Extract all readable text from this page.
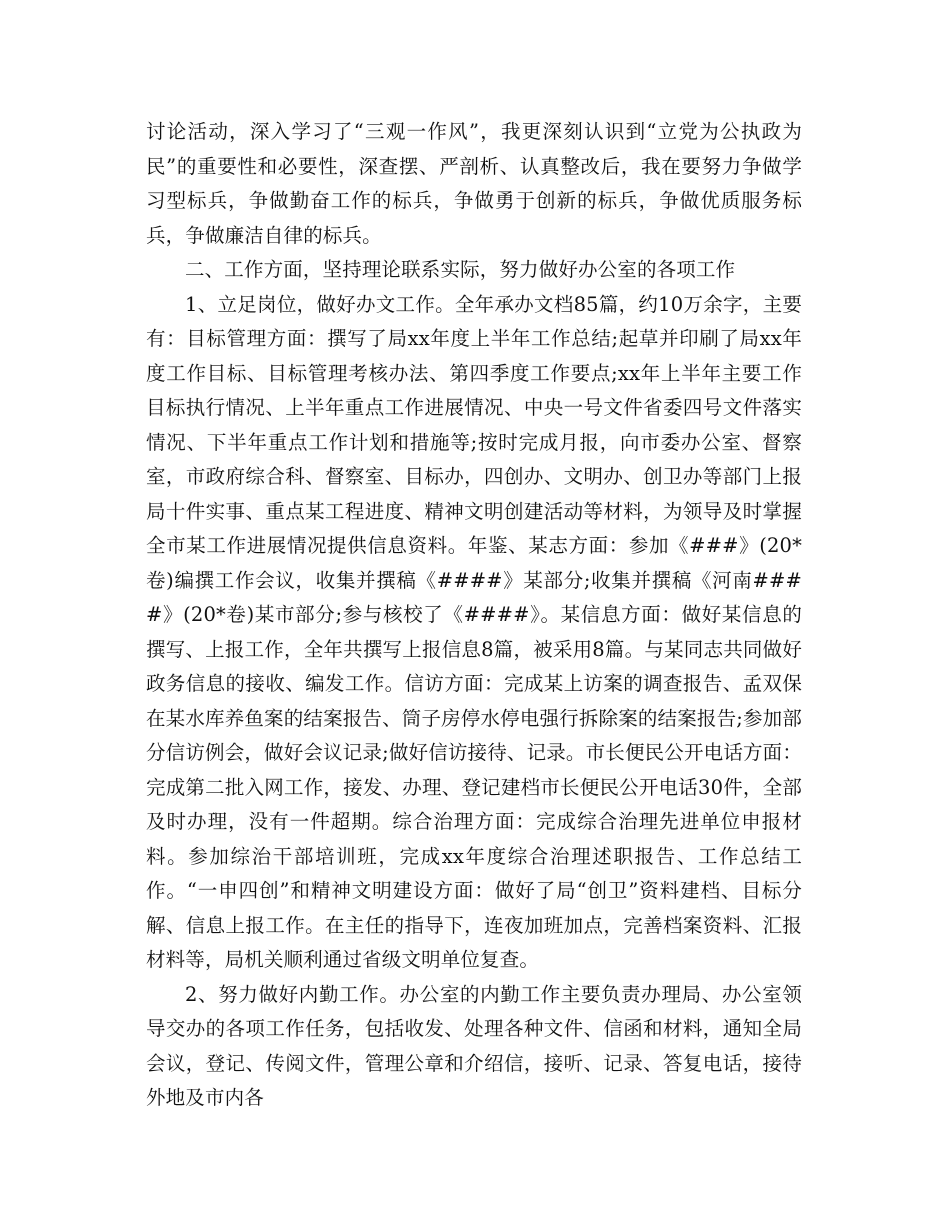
讨论活动，深入学习了“三观一作风”，我更深刻认识到“立党为公执政为民”的重要性和必要性，深查摆、严剖析、认真整改后，我在要努力争做学习型标兵，争做勤奋工作的标兵，争做勇于创新的标兵，争做优质服务标兵，争做廉洁自律的标兵。

二、工作方面，坚持理论联系实际，努力做好办公室的各项工作

1、立足岗位，做好办文工作。全年承办文档85篇，约10万余字，主要有：目标管理方面：撰写了局xx年度上半年工作总结;起草并印刷了局xx年度工作目标、目标管理考核办法、第四季度工作要点;xx年上半年主要工作目标执行情况、上半年重点工作进展情况、中央一号文件省委四号文件落实情况、下半年重点工作计划和措施等;按时完成月报，向市委办公室、督察室，市政府综合科、督察室、目标办，四创办、文明办、创卫办等部门上报局十件实事、重点某工程进度、精神文明创建活动等材料，为领导及时掌握全市某工作进展情况提供信息资料。年鉴、某志方面：参加《###》(20*卷)编撰工作会议，收集并撰稿《####》某部分;收集并撰稿《河南####》(20*卷)某市部分;参与核校了《####》。某信息方面：做好某信息的撰写、上报工作，全年共撰写上报信息8篇，被采用8篇。与某同志共同做好政务信息的接收、编发工作。信访方面：完成某上访案的调查报告、孟双保在某水库养鱼案的结案报告、筒子房停水停电强行拆除案的结案报告;参加部分信访例会，做好会议记录;做好信访接待、记录。市长便民公开电话方面：完成第二批入网工作，接发、办理、登记建档市长便民公开电话30件，全部及时办理，没有一件超期。综合治理方面：完成综合治理先进单位申报材料。参加综治干部培训班，完成xx年度综合治理述职报告、工作总结工作。“一申四创”和精神文明建设方面：做好了局“创卫”资料建档、目标分解、信息上报工作。在主任的指导下，连夜加班加点，完善档案资料、汇报材料等，局机关顺利通过省级文明单位复查。

2、努力做好内勤工作。办公室的内勤工作主要负责办理局、办公室领导交办的各项工作任务，包括收发、处理各种文件、信函和材料，通知全局会议，登记、传阅文件，管理公章和介绍信，接听、记录、答复电话，接待外地及市内各
